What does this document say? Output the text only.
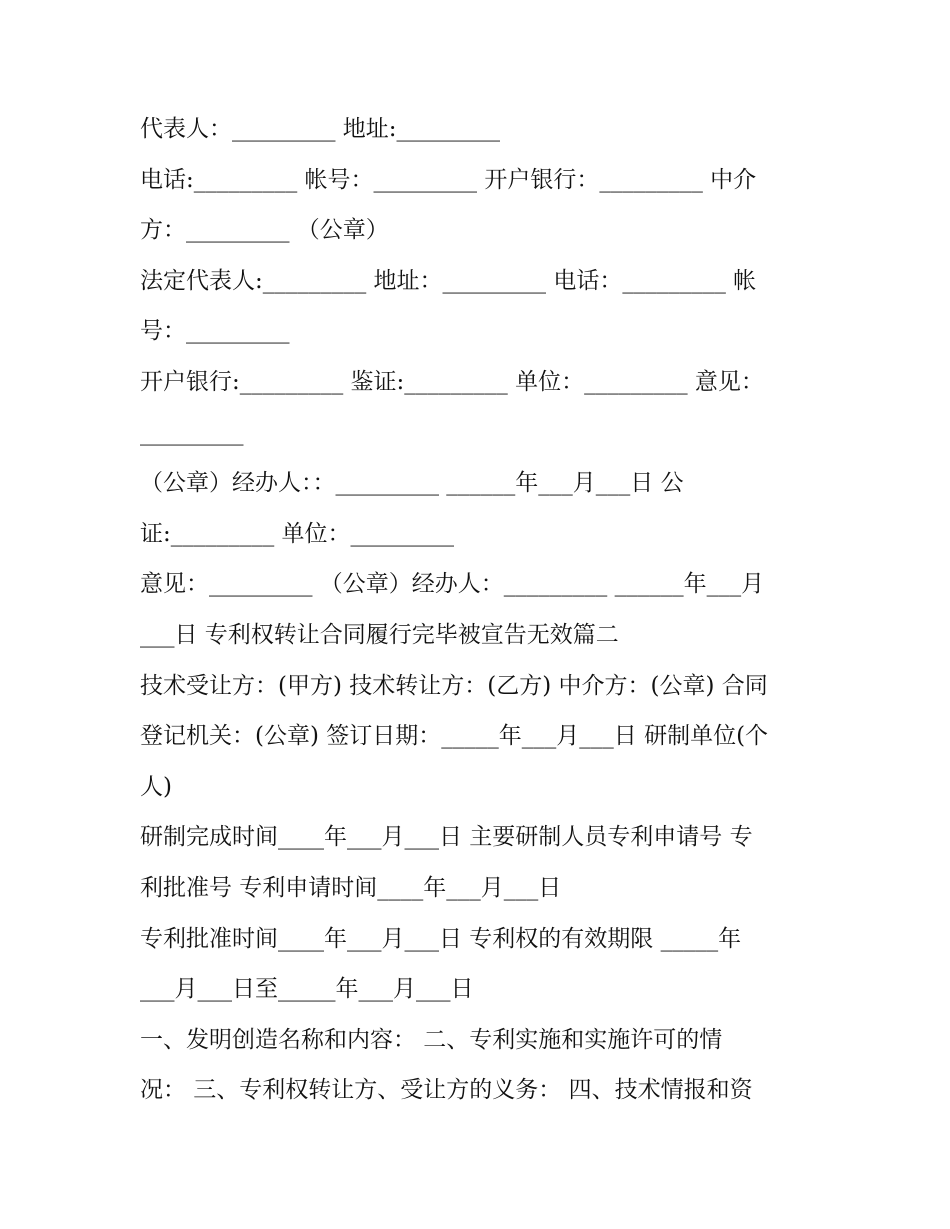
代表人：_________ 地址:_________
电话:_________ 帐号：_________ 开户银行：_________ 中介
方：_________ （公章）
法定代表人:_________ 地址：_________ 电话：_________ 帐
号：_________
开户银行:_________ 鉴证:_________ 单位：_________ 意见：
_________
（公章）经办人：：_________ ______年___月___日 公
证:_________ 单位：_________
意见：_________ （公章）经办人：_________ ______年___月
___日 专利权转让合同履行完毕被宣告无效篇二
技术受让方：(甲方) 技术转让方：(乙方) 中介方：(公章) 合同
登记机关：(公章) 签订日期：_____年___月___日 研制单位(个
人)
研制完成时间____年___月___日 主要研制人员专利申请号 专
利批准号 专利申请时间____年___月___日
专利批准时间____年___月___日 专利权的有效期限 _____年
___月___日至_____年___月___日
一、发明创造名称和内容： 二、专利实施和实施许可的情
况： 三、专利权转让方、受让方的义务： 四、技术情报和资
